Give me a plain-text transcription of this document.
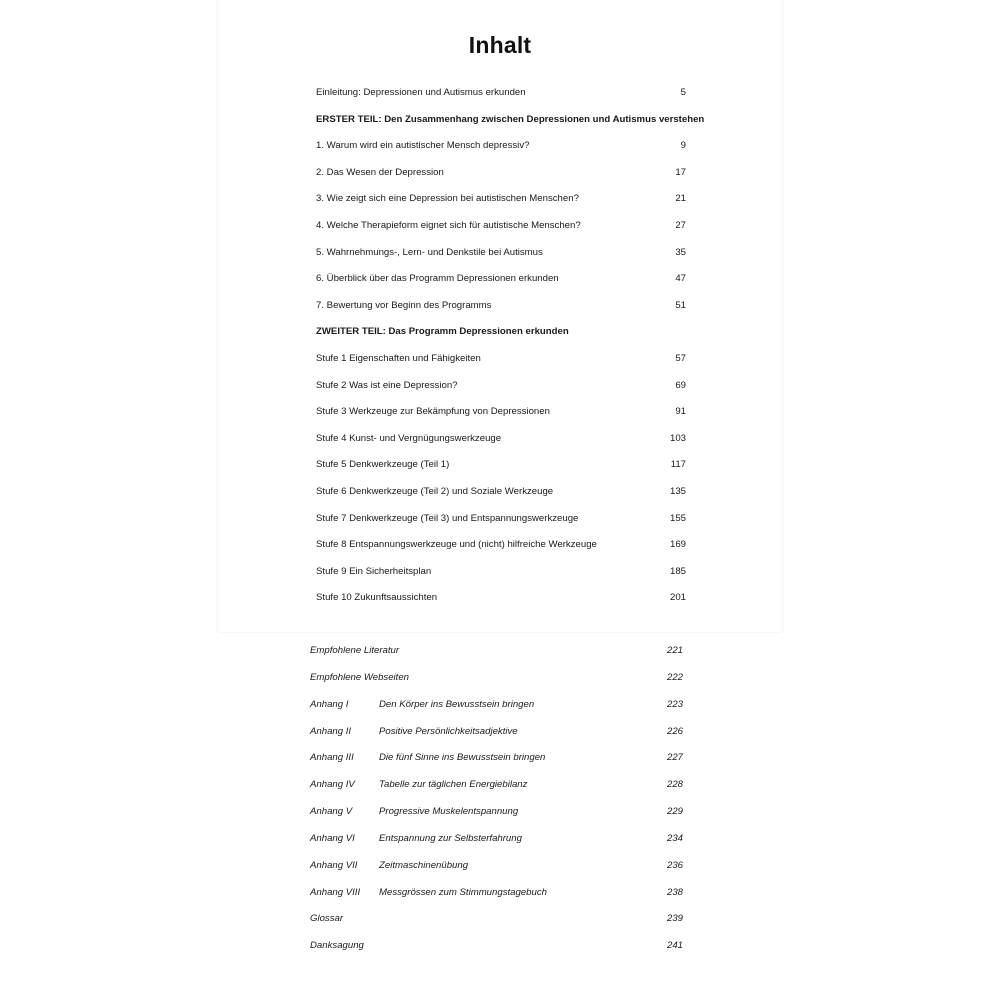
Inhalt
Einleitung: Depressionen und Autismus erkunden	5
ERSTER TEIL: Den Zusammenhang zwischen Depressionen und Autismus verstehen
1. Warum wird ein autistischer Mensch depressiv?	9
2. Das Wesen der Depression	17
3. Wie zeigt sich eine Depression bei autistischen Menschen?	21
4. Welche Therapieform eignet sich für autistische Menschen?	27
5. Wahrnehmungs-, Lern- und Denkstile bei Autismus	35
6. Überblick über das Programm Depressionen erkunden	47
7. Bewertung vor Beginn des Programms	51
ZWEITER TEIL: Das Programm Depressionen erkunden
Stufe 1 Eigenschaften und Fähigkeiten	57
Stufe 2 Was ist eine Depression?	69
Stufe 3 Werkzeuge zur Bekämpfung von Depressionen	91
Stufe 4 Kunst- und Vergnügungswerkzeuge	103
Stufe 5 Denkwerkzeuge (Teil 1)	117
Stufe 6 Denkwerkzeuge (Teil 2) und Soziale Werkzeuge	135
Stufe 7 Denkwerkzeuge (Teil 3) und Entspannungswerkzeuge	155
Stufe 8 Entspannungswerkzeuge und (nicht) hilfreiche Werkzeuge	169
Stufe 9 Ein Sicherheitsplan	185
Stufe 10 Zukunftsaussichten	201
Empfohlene Literatur	221
Empfohlene Webseiten	222
Anhang I	Den Körper ins Bewusstsein bringen	223
Anhang II	Positive Persönlichkeitsadjektive	226
Anhang III	Die fünf Sinne ins Bewusstsein bringen	227
Anhang IV	Tabelle zur täglichen Energiebilanz	228
Anhang V	Progressive Muskelentspannung	229
Anhang VI	Entspannung zur Selbsterfahrung	234
Anhang VII Zeitmaschinenübung	236
Anhang VIII Messgrössen zum Stimmungstagebuch	238
Glossar	239
Danksagung	241
